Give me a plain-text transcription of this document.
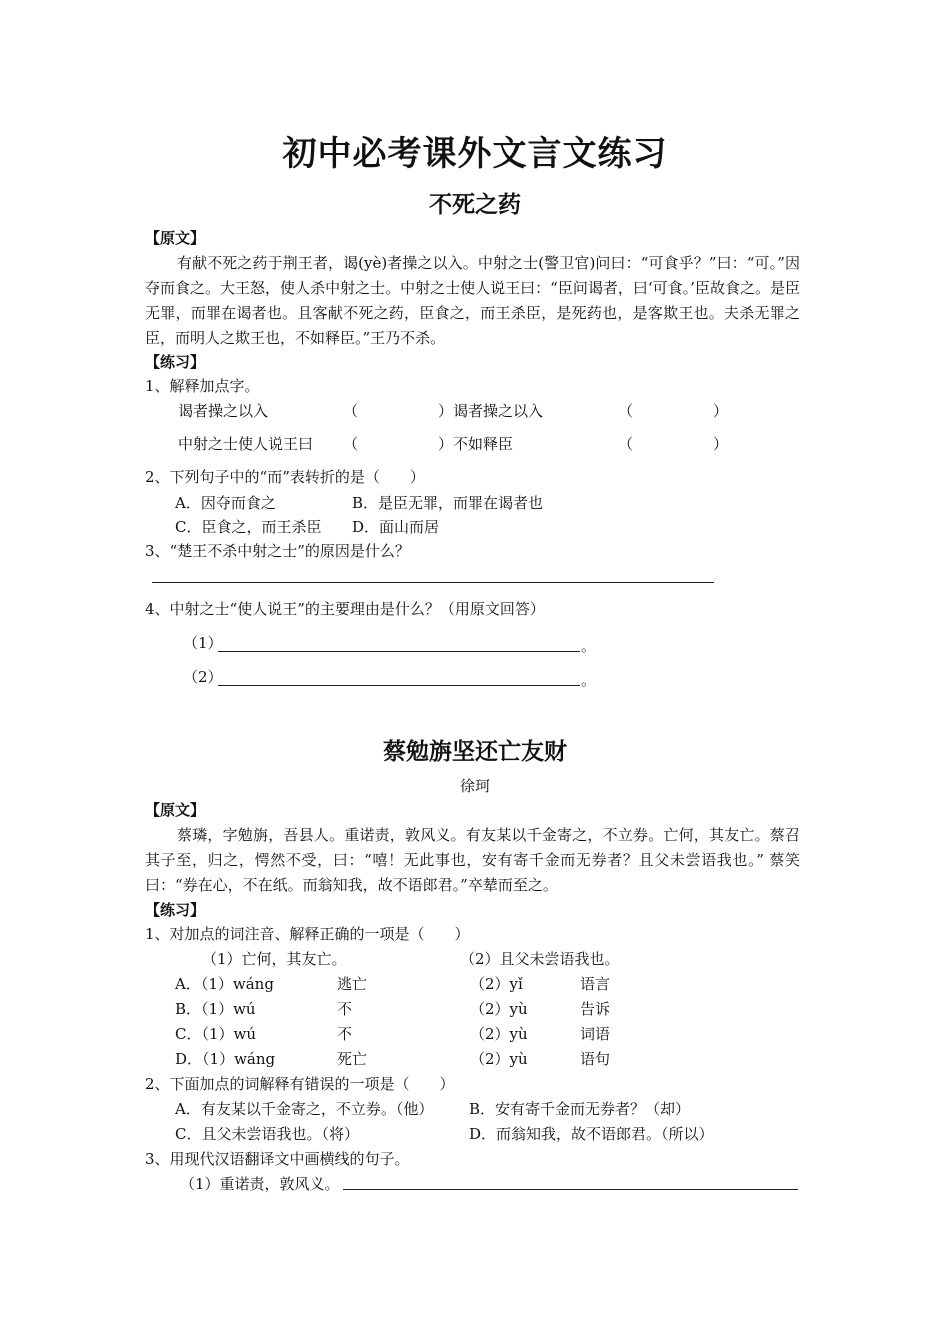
初中必考课外文言文练习
不死之药
【原文】
有献不死之药于荆王者，谒(yè)者操之以入。中射之士(警卫官)问曰：“可食乎？”曰：“可。”因夺而食之。大王怒，使人杀中射之士。中射之士使人说王曰：“臣问谒者，曰‘可食。’臣故食之。是臣无罪，而罪在谒者也。且客献不死之药，臣食之，而王杀臣，是死药也，是客欺王也。夫杀无罪之臣，而明人之欺王也，不如释臣。”王乃不杀。
【练习】
1、解释加点字。
谒者操之以入	（	）谒者操之以入	（	）
中射之士使人说王曰 （	）不如释臣	（	）
2、下列句子中的“而”表转折的是（　　）
A．因夺而食之	B．是臣无罪，而罪在谒者也
C．臣食之，而王杀臣 D．面山而居
3、“楚王不杀中射之士”的原因是什么？
4、中射之士“使人说王”的主要理由是什么？（用原文回答）
（1）	。
（2）	。
蔡勉旃坚还亡友财
徐珂
【原文】
蔡璘，字勉旃，吾县人。重诺责，敦风义。有友某以千金寄之，不立券。亡何，其友亡。蔡召其子至，归之，愕然不受，曰：“嘻！无此事也，安有寄千金而无券者？且父未尝语我也。” 蔡笑曰：“券在心，不在纸。而翁知我，故不语郎君。”卒辇而至之。
【练习】
1、对加点的词注音、解释正确的一项是（　　）
（1）亡何，其友亡。	（2）且父未尝语我也。
A．（1）wáng	逃亡	（2）yǐ	语言
B．（1）wú	不	（2）yù	告诉
C．（1）wú	不	（2）yù	词语
D．（1）wáng	死亡	（2）yù	语句
2、下面加点的词解释有错误的一项是（　　）
A．有友某以千金寄之，不立券。（他） B．安有寄千金而无券者？（却）
C．且父未尝语我也。（将）	D．而翁知我，故不语郎君。（所以）
3、用现代汉语翻译文中画横线的句子。
（1）重诺责，敦风义。
